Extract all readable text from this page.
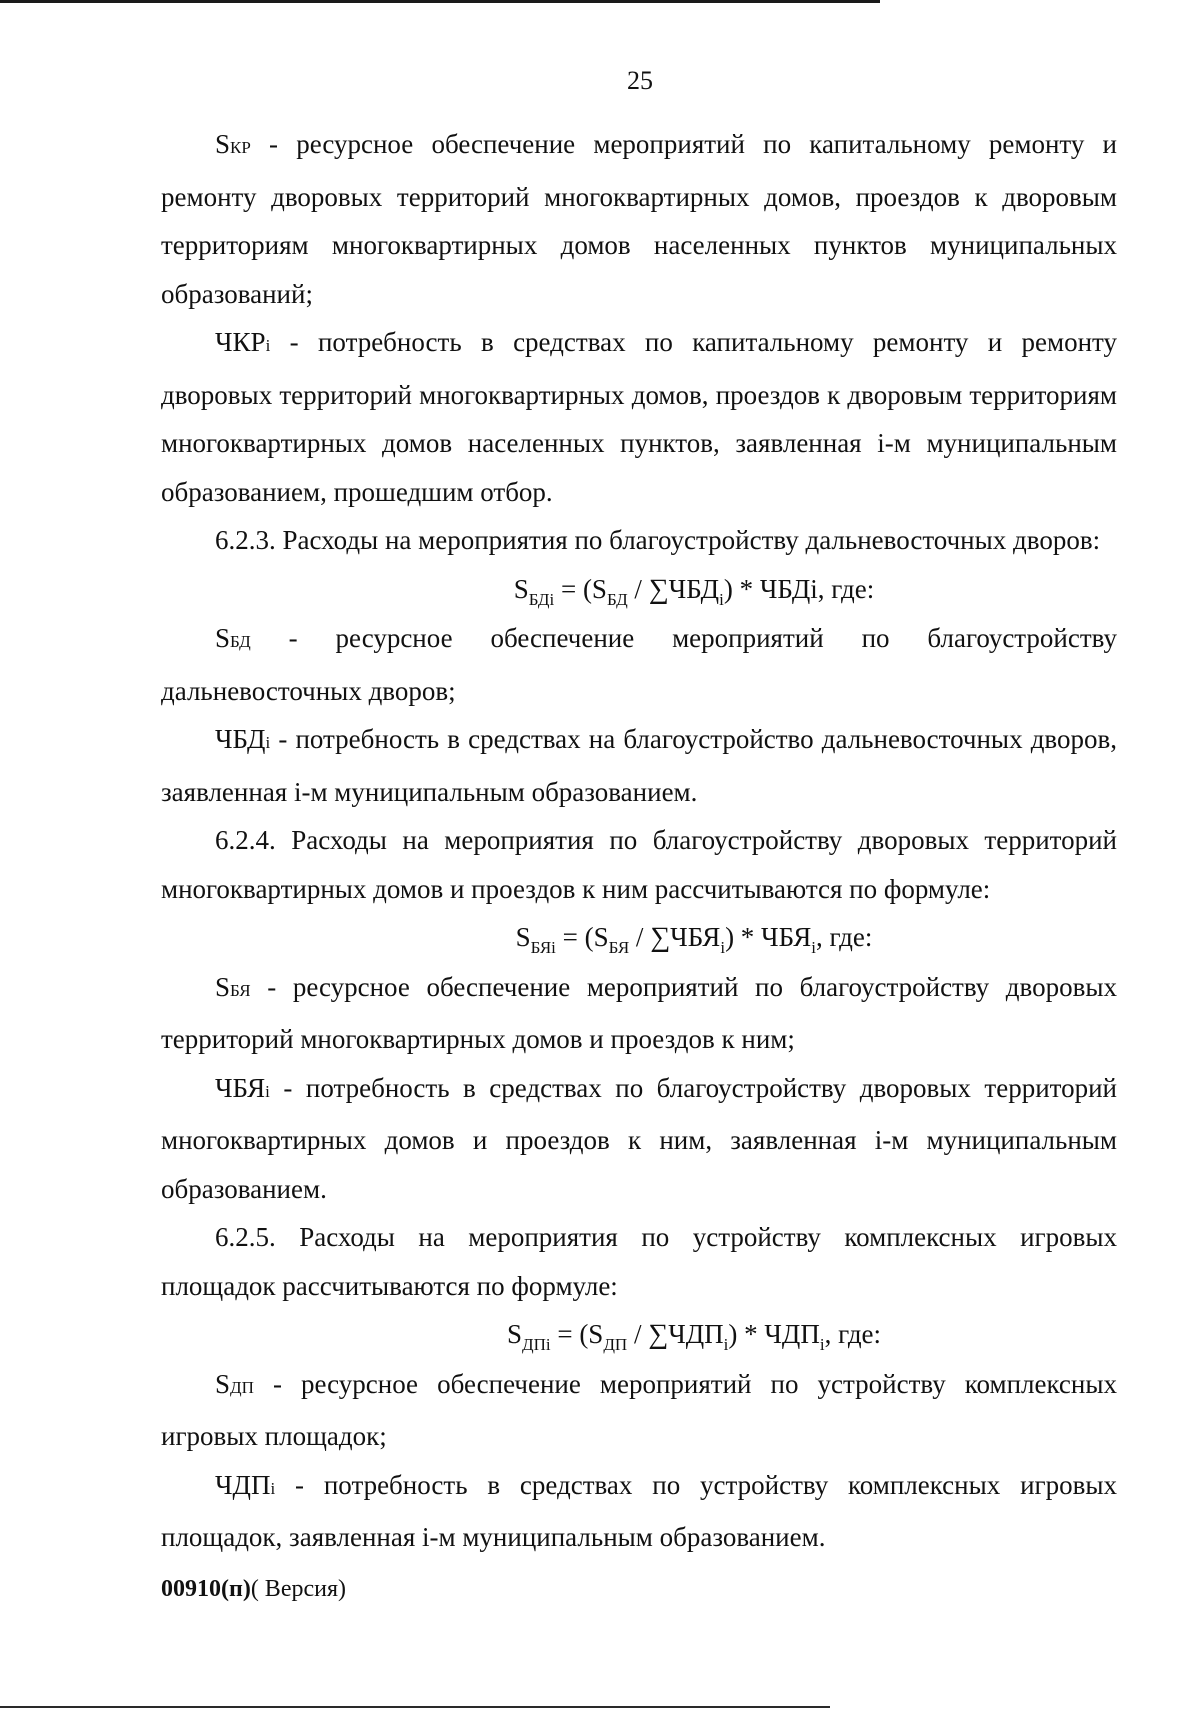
25

SКР - ресурсное обеспечение мероприятий по капитальному ремонту и ремонту дворовых территорий многоквартирных домов, проездов к дворовым территориям многоквартирных домов населенных пунктов муниципальных образований;

ЧКРi - потребность в средствах по капитальному ремонту и ремонту дворовых территорий многоквартирных домов, проездов к дворовым территориям многоквартирных домов населенных пунктов, заявленная i-м муниципальным образованием, прошедшим отбор.

6.2.3. Расходы на мероприятия по благоустройству дальневосточных дворов:

$S_{БДi} = (S_{БД} / \sum ЧБД_i)$ * ЧБДi, где:

SБД - ресурсное обеспечение мероприятий по благоустройству дальневосточных дворов;

ЧБДi - потребность в средствах на благоустройство дальневосточных дворов, заявленная i-м муниципальным образованием.

6.2.4. Расходы на мероприятия по благоустройству дворовых территорий многоквартирных домов и проездов к ним рассчитываются по формуле:

$S_{БЯi} = (S_{БЯ} / \sum ЧБЯ_i) * ЧБЯ_i$, где:

SБЯ - ресурсное обеспечение мероприятий по благоустройству дворовых территорий многоквартирных домов и проездов к ним;

ЧБЯi - потребность в средствах по благоустройству дворовых территорий многоквартирных домов и проездов к ним, заявленная i-м муниципальным образованием.

6.2.5. Расходы на мероприятия по устройству комплексных игровых площадок рассчитываются по формуле:

$S_{ДПi} = (S_{ДП} / \sum ЧДП_i) * ЧДП_i$, где:

SДП - ресурсное обеспечение мероприятий по устройству комплексных игровых площадок;

ЧДПi - потребность в средствах по устройству комплексных игровых площадок, заявленная i-м муниципальным образованием.

00910(п)( Версия)
